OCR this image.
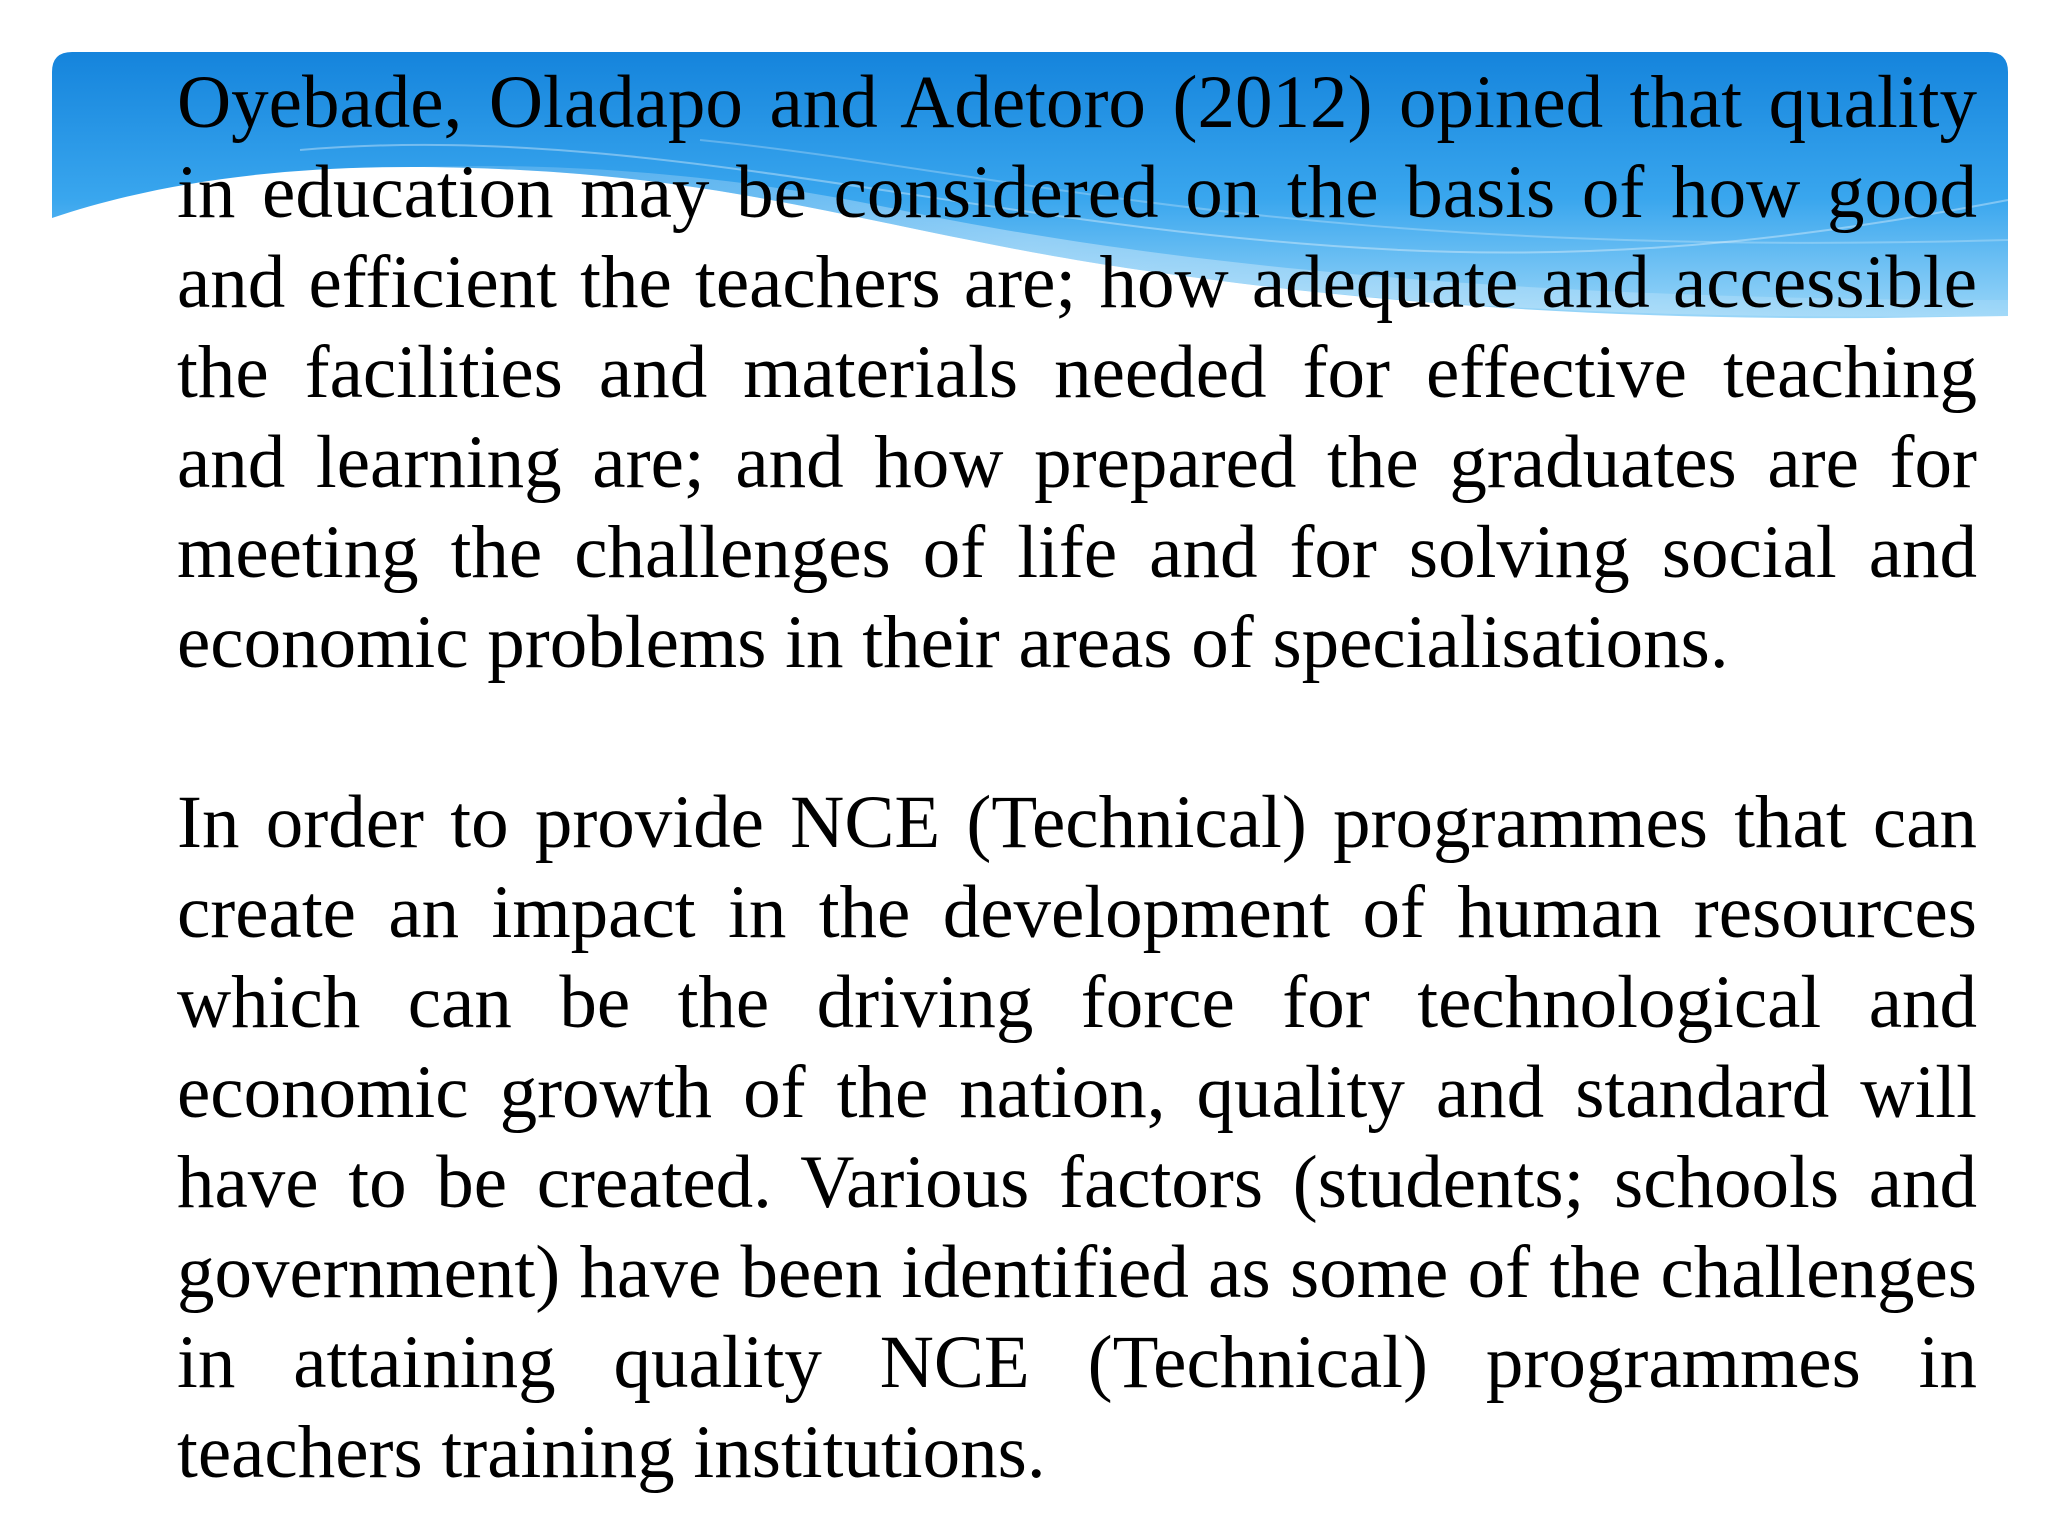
Oyebade, Oladapo and Adetoro (2012) opined that quality in education may be considered on the basis of how good and efficient the teachers are; how adequate and accessible the facilities and materials needed for effective teaching and learning are; and how prepared the graduates are for meeting the challenges of life and for solving social and economic problems in their areas of specialisations.

In order to provide NCE (Technical) programmes that can create an impact in the development of human resources which can be the driving force for technological and economic growth of the nation, quality and standard will have to be created. Various factors (students; schools and government) have been identified as some of the challenges in attaining quality NCE (Technical) programmes in teachers training institutions.
